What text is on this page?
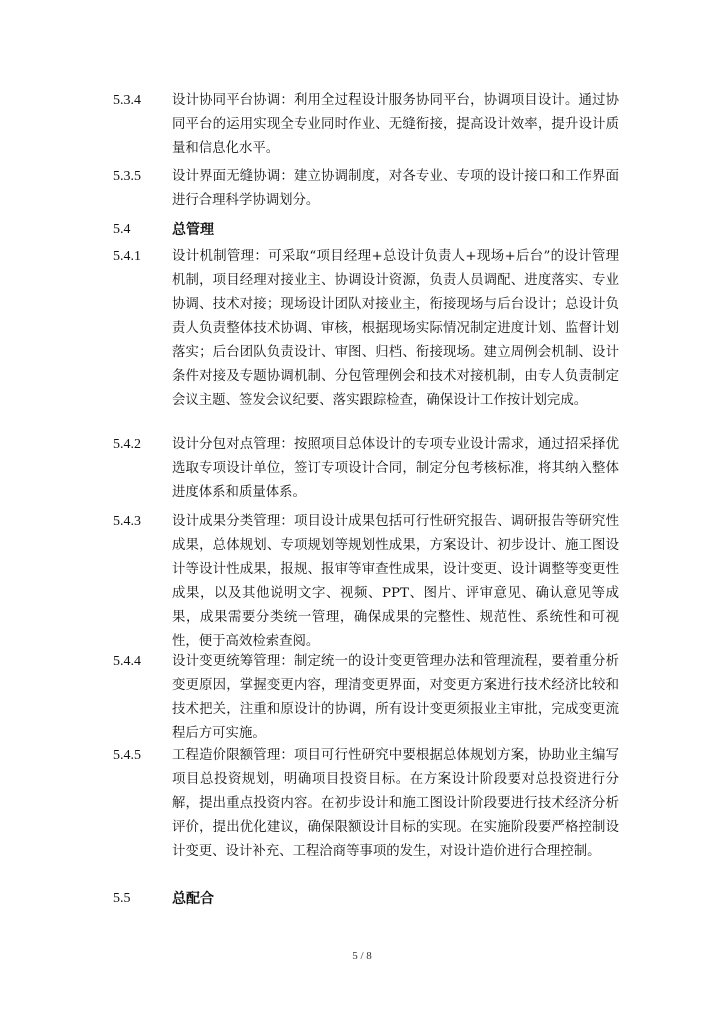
5.3.4 设计协同平台协调：利用全过程设计服务协同平台，协调项目设计。通过协同平台的运用实现全专业同时作业、无缝衔接，提高设计效率，提升设计质量和信息化水平。
5.3.5 设计界面无缝协调：建立协调制度，对各专业、专项的设计接口和工作界面进行合理科学协调划分。
5.4	总管理
5.4.1 设计机制管理：可采取“项目经理+总设计负责人+现场+后台”的设计管理机制，项目经理对接业主、协调设计资源，负责人员调配、进度落实、专业协调、技术对接；现场设计团队对接业主，衔接现场与后台设计；总设计负责人负责整体技术协调、审核，根据现场实际情况制定进度计划、监督计划落实；后台团队负责设计、审图、归档、衔接现场。建立周例会机制、设计条件对接及专题协调机制、分包管理例会和技术对接机制，由专人负责制定会议主题、签发会议纪要、落实跟踪检查，确保设计工作按计划完成。
5.4.2 设计分包对点管理：按照项目总体设计的专项专业设计需求，通过招采择优选取专项设计单位，签订专项设计合同，制定分包考核标准，将其纳入整体进度体系和质量体系。
5.4.3 设计成果分类管理：项目设计成果包括可行性研究报告、调研报告等研究性成果，总体规划、专项规划等规划性成果，方案设计、初步设计、施工图设计等设计性成果，报规、报审等审查性成果，设计变更、设计调整等变更性成果，以及其他说明文字、视频、PPT、图片、评审意见、确认意见等成果，成果需要分类统一管理，确保成果的完整性、规范性、系统性和可视性，便于高效检索查阅。
5.4.4 设计变更统筹管理：制定统一的设计变更管理办法和管理流程，要着重分析变更原因，掌握变更内容，理清变更界面，对变更方案进行技术经济比较和技术把关，注重和原设计的协调，所有设计变更须报业主审批，完成变更流程后方可实施。
5.4.5 工程造价限额管理：项目可行性研究中要根据总体规划方案，协助业主编写项目总投资规划，明确项目投资目标。在方案设计阶段要对总投资进行分解，提出重点投资内容。在初步设计和施工图设计阶段要进行技术经济分析评价，提出优化建议，确保限额设计目标的实现。在实施阶段要严格控制设计变更、设计补充、工程洽商等事项的发生，对设计造价进行合理控制。
5.5	总配合
5 / 8
